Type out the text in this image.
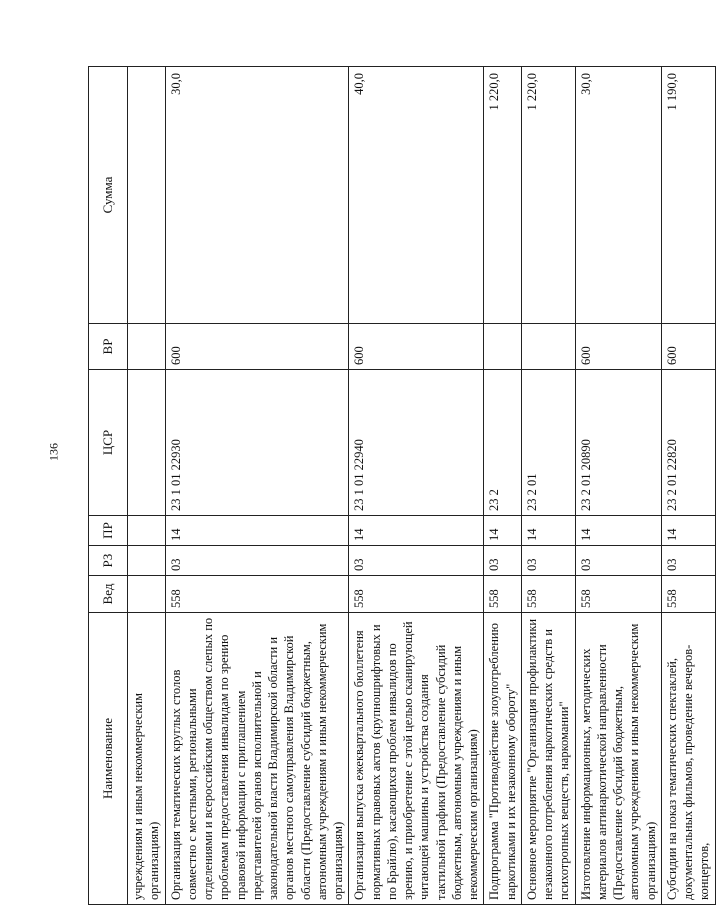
136
Наименование	Вед	РЗ	ПР	ЦСР	ВР	Сумма
учреждениям и иным некоммерческим организациям)						
Организация тематических круглых столов совместно с местными, региональными отделениями и всероссийским обществом слепых по проблемам предоставления инвалидам по зрению правовой информации с приглашением представителей органов исполнительной и законодательной власти Владимирской области и органов местного самоуправления Владимирской области (Предоставление субсидий бюджетным, автономным учреждениям и иным некоммерческим организациям)	558	03	14	23 1 01 22930	600	30,0
Организация выпуска ежеквартального бюллетеня нормативных правовых актов (крупношрифтовых и по Брайлю), касающихся проблем инвалидов по зрению, и приобретение с этой целью сканирующей читающей машины и устройства создания тактильной графики (Предоставление субсидий бюджетным, автономным учреждениям и иным некоммерческим организациям)	558	03	14	23 1 01 22940	600	40,0
Подпрограмма "Противодействие злоупотреблению наркотиками и их незаконному обороту"	558	03	14	23 2		1 220,0
Основное мероприятие "Организация профилактики незаконного потребления наркотических средств и психотропных веществ, наркомании"	558	03	14	23 2 01		1 220,0
Изготовление информационных, методических материалов антинаркотической направленности (Предоставление субсидий бюджетным, автономным учреждениям и иным некоммерческим организациям)	558	03	14	23 2 01 20890	600	30,0
Субсидии на показ тематических спектаклей, документальных фильмов, проведение вечеров-концертов,	558	03	14	23 2 01 22820	600	1 190,0
